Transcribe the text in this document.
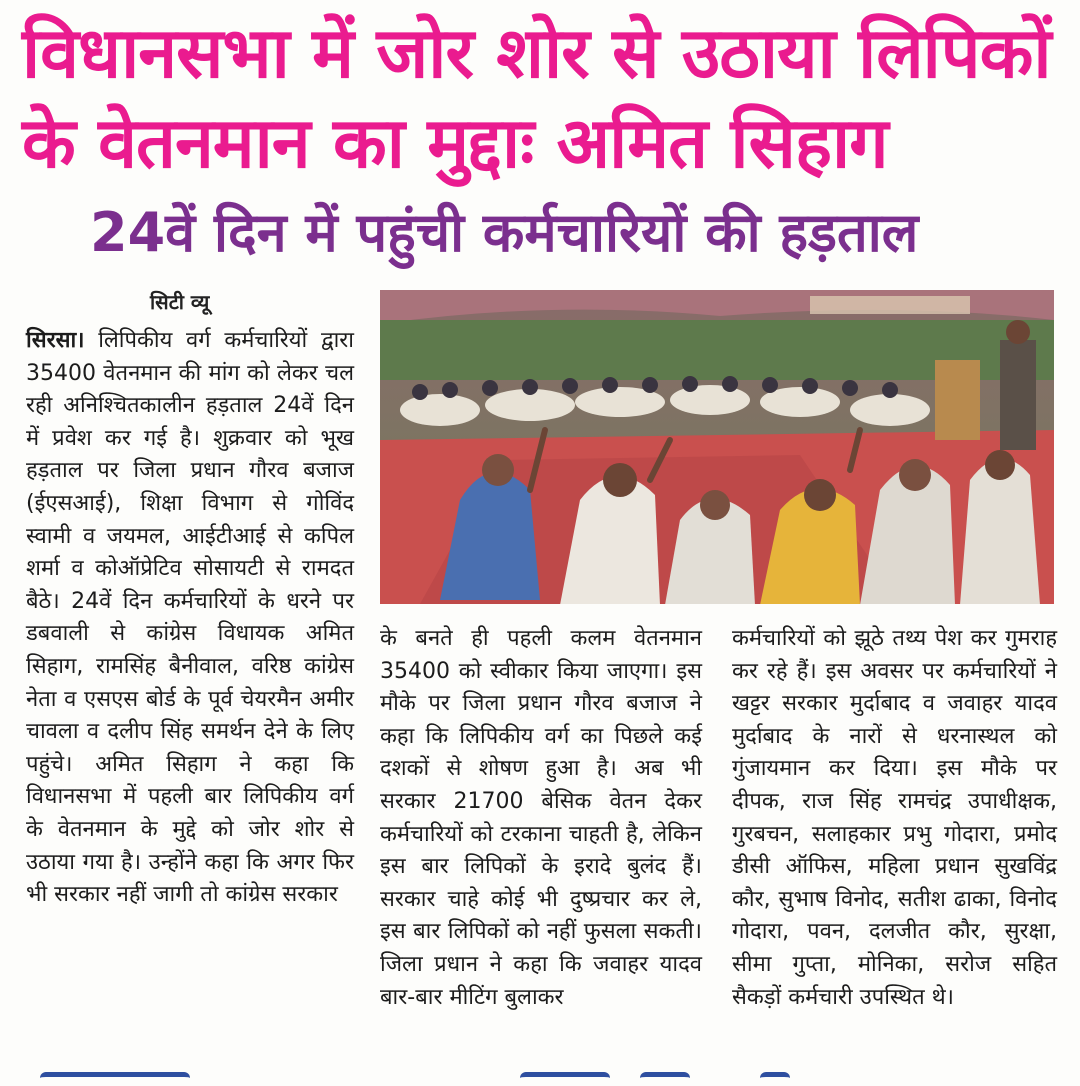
विधानसभा में जोर शोर से उठाया लिपिकों
के वेतनमान का मुद्दाः अमित सिहाग
24वें दिन में पहुंची कर्मचारियों की हड़ताल
सिटी व्यू

सिरसा। लिपिकीय वर्ग कर्मचारियों द्वारा 35400 वेतनमान की मांग को लेकर चल रही अनिश्चितकालीन हड़ताल 24वें दिन में प्रवेश कर गई है। शुक्रवार को भूख हड़ताल पर जिला प्रधान गौरव बजाज (ईएसआई), शिक्षा विभाग से गोविंद स्वामी व जयमल, आईटीआई से कपिल शर्मा व कोऑप्रेटिव सोसायटी से रामदत बैठे। 24वें दिन कर्मचारियों के धरने पर डबवाली से कांग्रेस विधायक अमित सिहाग, रामसिंह बैनीवाल, वरिष्ठ कांग्रेस नेता व एसएस बोर्ड के पूर्व चेयरमैन अमीर चावला व दलीप सिंह समर्थन देने के लिए पहुंचे। अमित सिहाग ने कहा कि विधानसभा में पहली बार लिपिकीय वर्ग के वेतनमान के मुद्दे को जोर शोर से उठाया गया है। उन्होंने कहा कि अगर फिर भी सरकार नहीं जागी तो कांग्रेस सरकार

के बनते ही पहली कलम वेतनमान 35400 को स्वीकार किया जाएगा। इस मौके पर जिला प्रधान गौरव बजाज ने कहा कि लिपिकीय वर्ग का पिछले कई दशकों से शोषण हुआ है। अब भी सरकार 21700 बेसिक वेतन देकर कर्मचारियों को टरकाना चाहती है, लेकिन इस बार लिपिकों के इरादे बुलंद हैं। सरकार चाहे कोई भी दुष्प्रचार कर ले, इस बार लिपिकों को नहीं फुसला सकती। जिला प्रधान ने कहा कि जवाहर यादव बार-बार मीटिंग बुलाकर

कर्मचारियों को झूठे तथ्य पेश कर गुमराह कर रहे हैं। इस अवसर पर कर्मचारियों ने खट्टर सरकार मुर्दाबाद व जवाहर यादव मुर्दाबाद के नारों से धरनास्थल को गुंजायमान कर दिया। इस मौके पर दीपक, राज सिंह रामचंद्र उपाधीक्षक, गुरबचन, सलाहकार प्रभु गोदारा, प्रमोद डीसी ऑफिस, महिला प्रधान सुखविंद्र कौर, सुभाष विनोद, सतीश ढाका, विनोद गोदारा, पवन, दलजीत कौर, सुरक्षा, सीमा गुप्ता, मोनिका, सरोज सहित सैकड़ों कर्मचारी उपस्थित थे।
